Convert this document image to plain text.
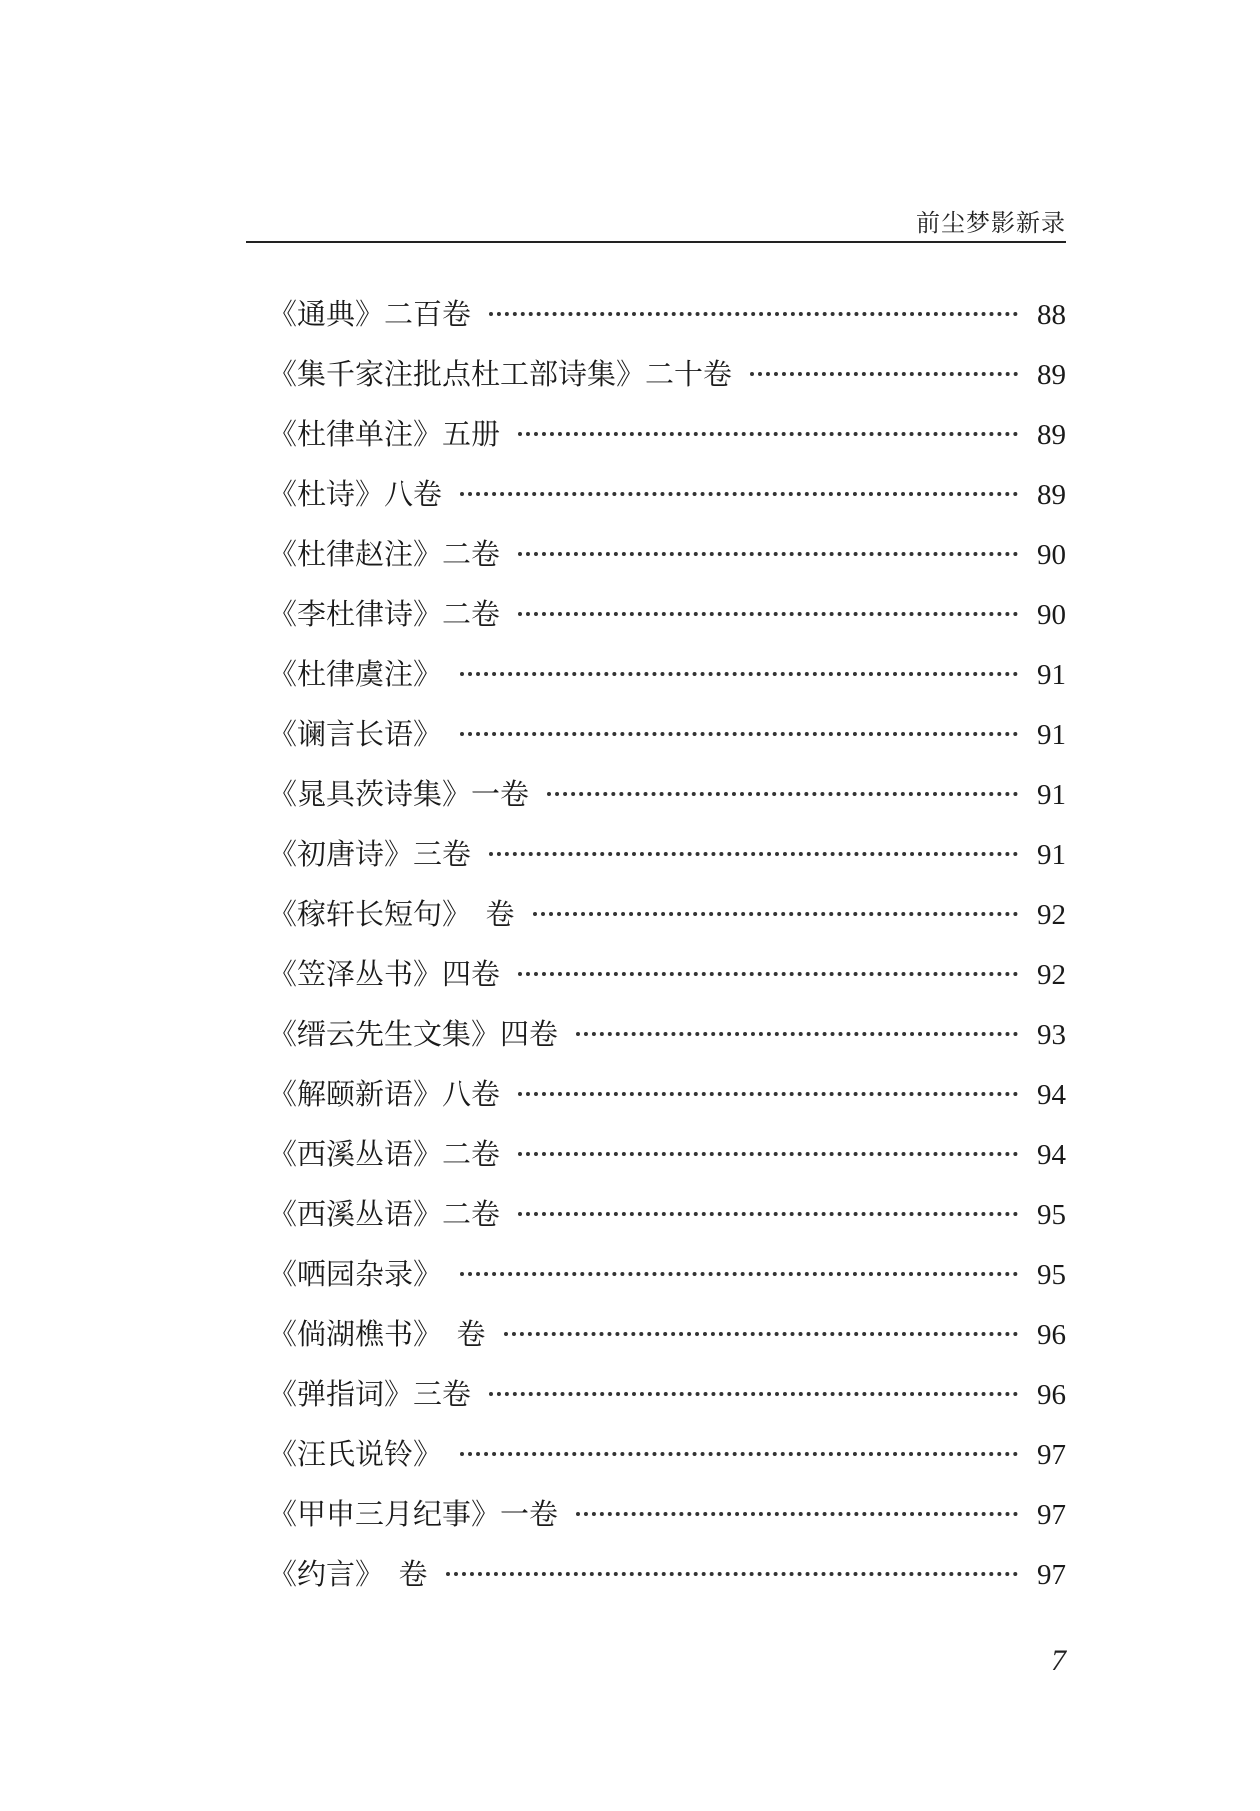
前尘梦影新录
《通典》二百卷	88
《集千家注批点杜工部诗集》二十卷	89
《杜律单注》五册	89
《杜诗》八卷	89
《杜律赵注》二卷	90
《李杜律诗》二卷	90
《杜律虞注》	91
《谰言长语》	91
《晁具茨诗集》一卷	91
《初唐诗》三卷	91
《稼轩长短句》　卷	92
《笠泽丛书》四卷	92
《缙云先生文集》四卷	93
《解颐新语》八卷	94
《西溪丛语》二卷	94
《西溪丛语》二卷	95
《哂园杂录》	95
《倘湖樵书》　卷	96
《弹指词》三卷	96
《汪氏说铃》	97
《甲申三月纪事》一卷	97
《约言》　卷	97
7
